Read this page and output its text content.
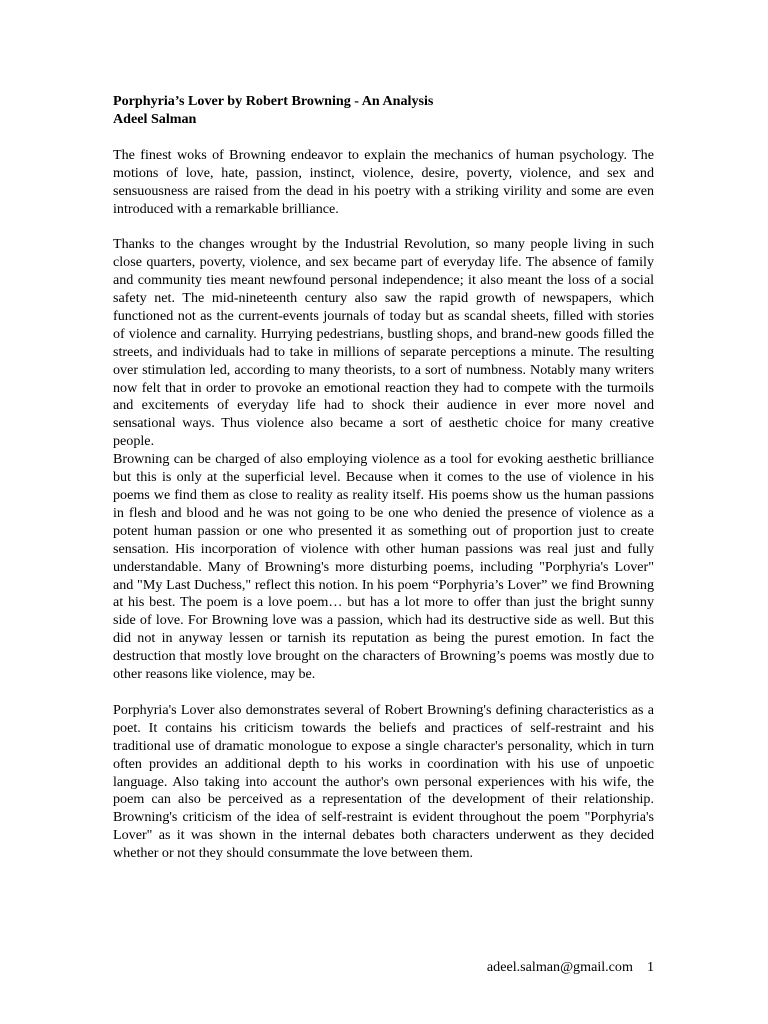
Porphyria’s Lover by Robert Browning - An Analysis
Adeel Salman

The finest woks of Browning endeavor to explain the mechanics of human psychology. The motions of love, hate, passion, instinct, violence, desire, poverty, violence, and sex and sensuousness are raised from the dead in his poetry with a striking virility and some are even introduced with a remarkable brilliance.

Thanks to the changes wrought by the Industrial Revolution, so many people living in such close quarters, poverty, violence, and sex became part of everyday life. The absence of family and community ties meant newfound personal independence; it also meant the loss of a social safety net. The mid-nineteenth century also saw the rapid growth of newspapers, which functioned not as the current-events journals of today but as scandal sheets, filled with stories of violence and carnality. Hurrying pedestrians, bustling shops, and brand-new goods filled the streets, and individuals had to take in millions of separate perceptions a minute. The resulting over stimulation led, according to many theorists, to a sort of numbness. Notably many writers now felt that in order to provoke an emotional reaction they had to compete with the turmoils and excitements of everyday life had to shock their audience in ever more novel and sensational ways. Thus violence also became a sort of aesthetic choice for many creative people.

Browning can be charged of also employing violence as a tool for evoking aesthetic brilliance but this is only at the superficial level. Because when it comes to the use of violence in his poems we find them as close to reality as reality itself. His poems show us the human passions in flesh and blood and he was not going to be one who denied the presence of violence as a potent human passion or one who presented it as something out of proportion just to create sensation. His incorporation of violence with other human passions was real just and fully understandable. Many of Browning's more disturbing poems, including "Porphyria's Lover" and "My Last Duchess," reflect this notion. In his poem “Porphyria’s Lover” we find Browning at his best. The poem is a love poem… but has a lot more to offer than just the bright sunny side of love. For Browning love was a passion, which had its destructive side as well. But this did not in anyway lessen or tarnish its reputation as being the purest emotion. In fact the destruction that mostly love brought on the characters of Browning’s poems was mostly due to other reasons like violence, may be.

Porphyria's Lover also demonstrates several of Robert Browning's defining characteristics as a poet. It contains his criticism towards the beliefs and practices of self-restraint and his traditional use of dramatic monologue to expose a single character's personality, which in turn often provides an additional depth to his works in coordination with his use of unpoetic language. Also taking into account the author's own personal experiences with his wife, the poem can also be perceived as a representation of the development of their relationship. Browning's criticism of the idea of self-restraint is evident throughout the poem "Porphyria's Lover" as it was shown in the internal debates both characters underwent as they decided whether or not they should consummate the love between them.

adeel.salman@gmail.com 1
